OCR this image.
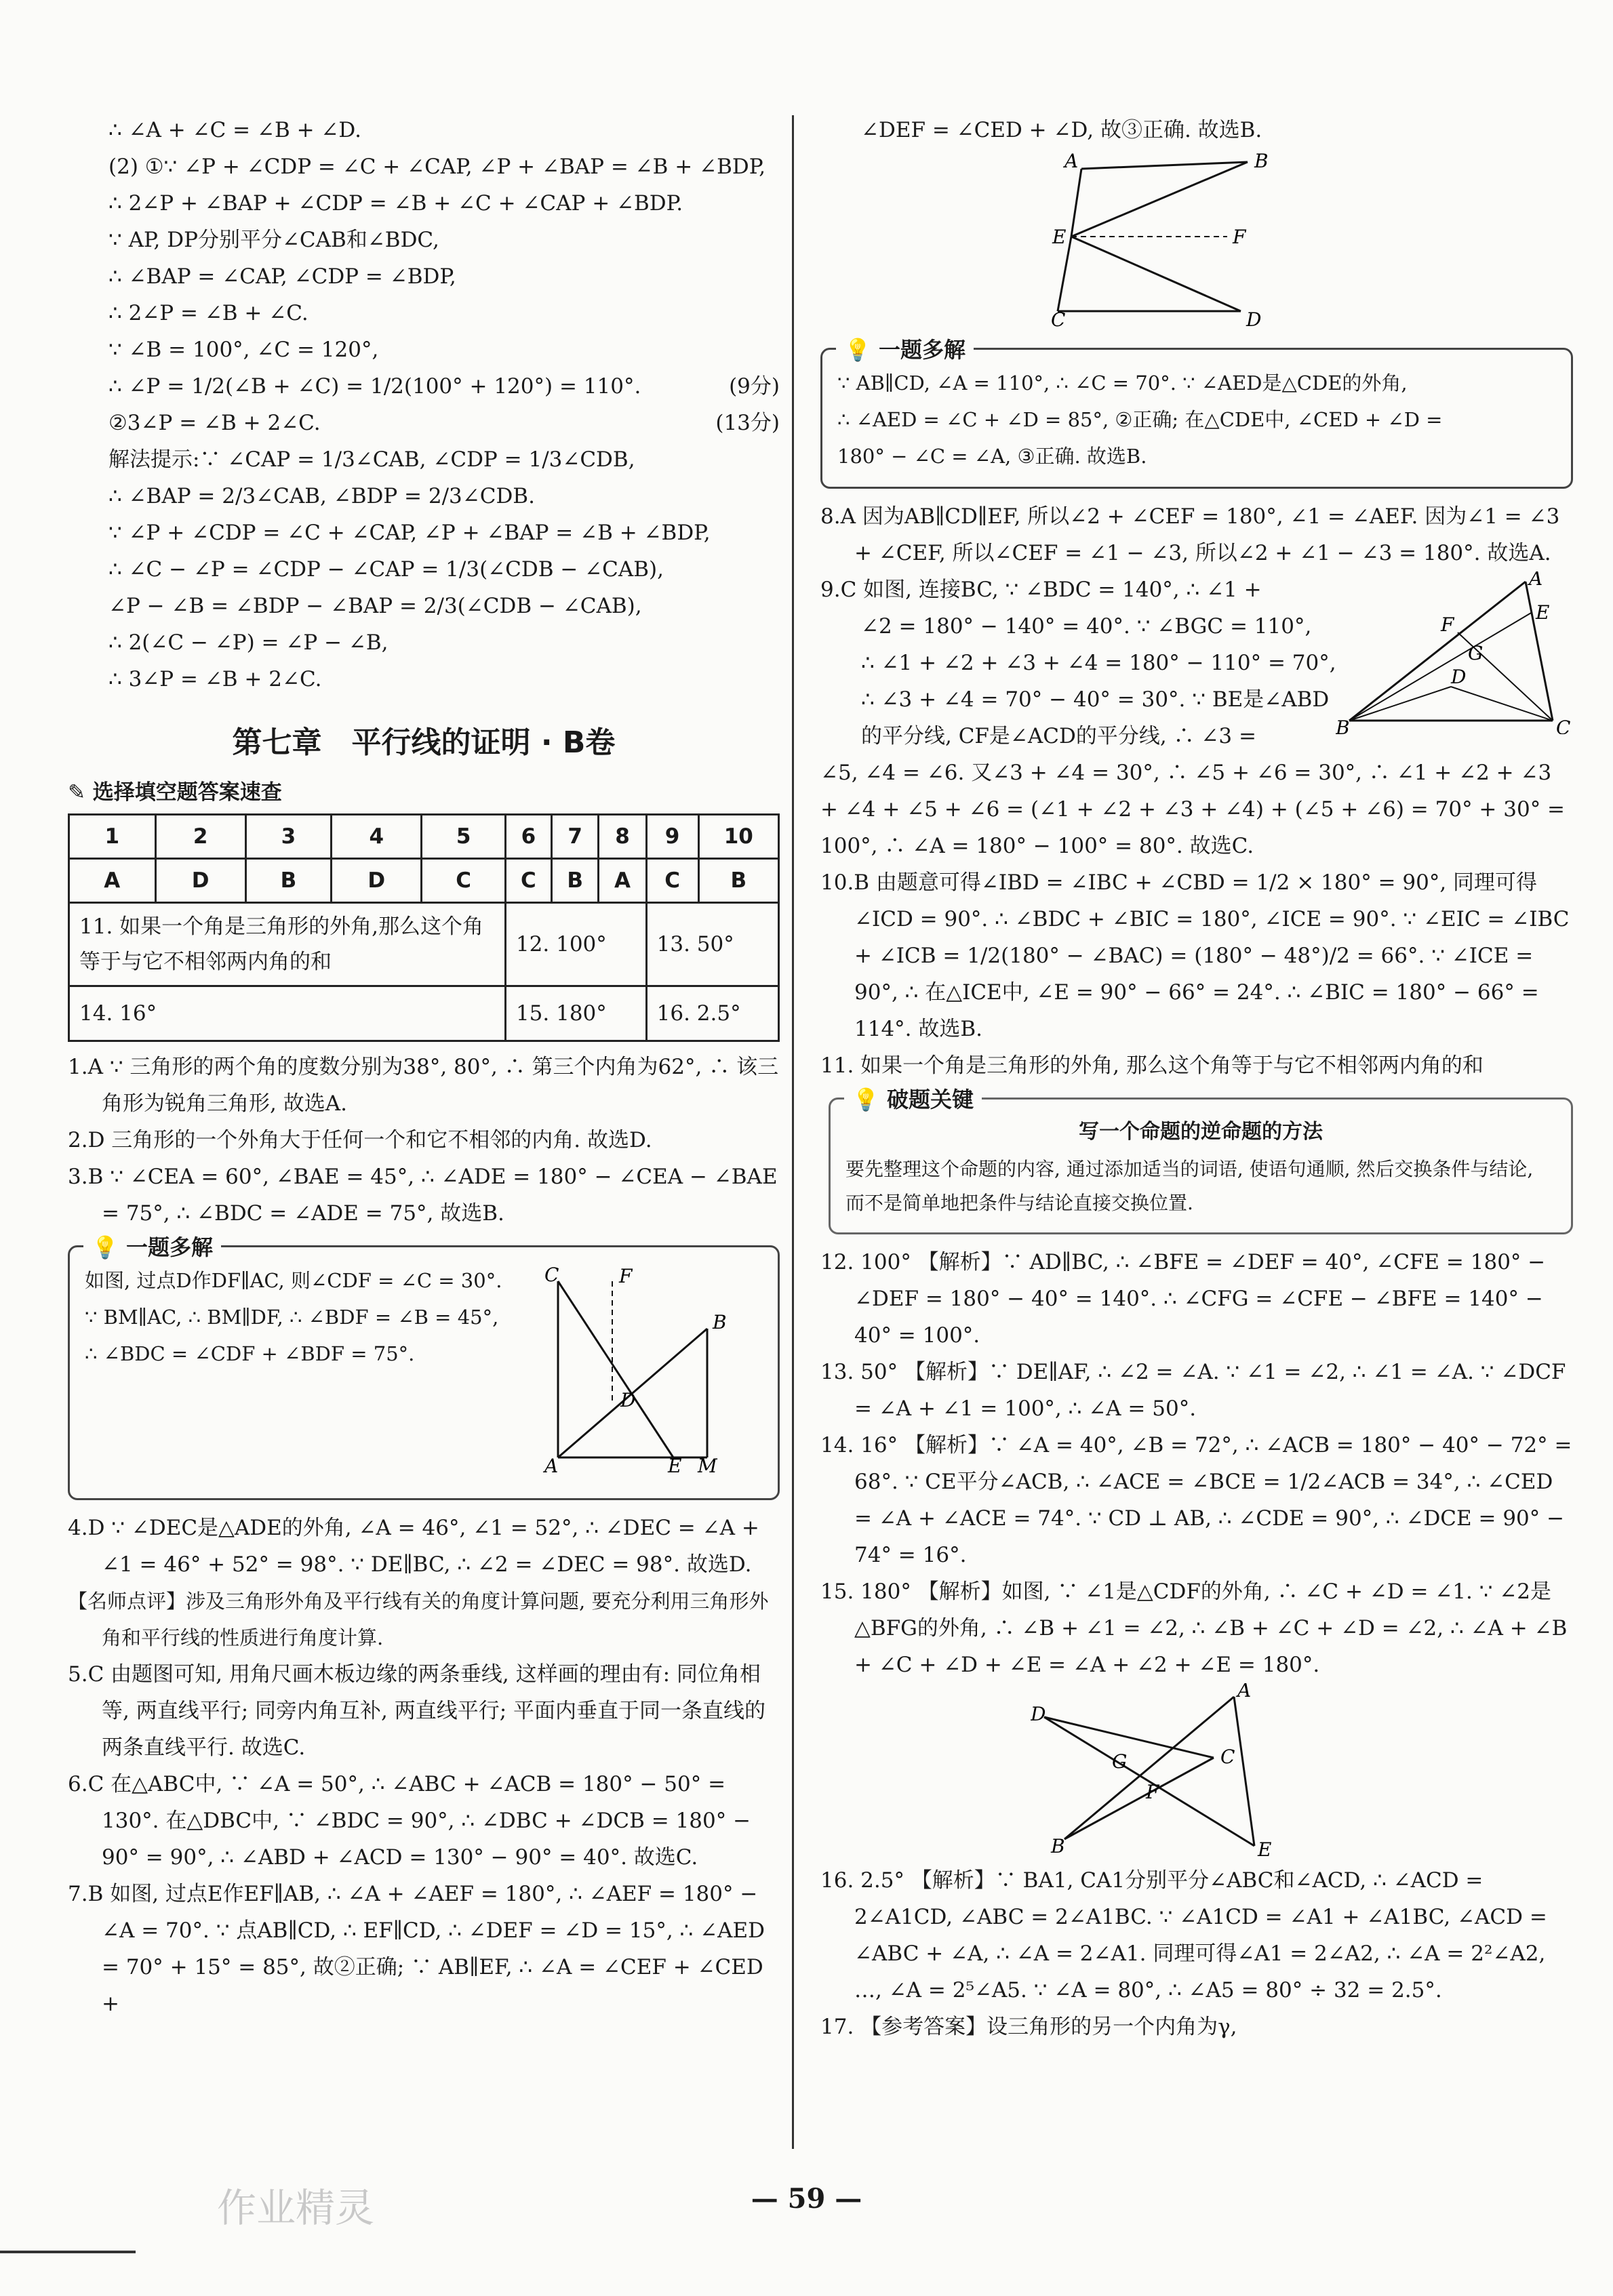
∴ ∠A + ∠C = ∠B + ∠D.
(2) ①∵ ∠P + ∠CDP = ∠C + ∠CAP, ∠P + ∠BAP = ∠B + ∠BDP,
∴ 2∠P + ∠BAP + ∠CDP = ∠B + ∠C + ∠CAP + ∠BDP.
∵ AP, DP分别平分∠CAB和∠BDC,
∴ ∠BAP = ∠CAP, ∠CDP = ∠BDP,
∴ 2∠P = ∠B + ∠C.
∵ ∠B = 100°, ∠C = 120°,
∴ ∠P = 1/2(∠B + ∠C) = 1/2(100° + 120°) = 110°.	(9分)
②3∠P = ∠B + 2∠C.	(13分)
解法提示:∵ ∠CAP = 1/3∠CAB, ∠CDP = 1/3∠CDB,
∴ ∠BAP = 2/3∠CAB, ∠BDP = 2/3∠CDB.
∵ ∠P + ∠CDP = ∠C + ∠CAP, ∠P + ∠BAP = ∠B + ∠BDP,
∴ ∠C − ∠P = ∠CDP − ∠CAP = 1/3(∠CDB − ∠CAB),
∠P − ∠B = ∠BDP − ∠BAP = 2/3(∠CDB − ∠CAB),
∴ 2(∠C − ∠P) = ∠P − ∠B,
∴ 3∠P = ∠B + 2∠C.
第七章　平行线的证明 · B卷
✎ 选择填空题答案速查
1	2	3	4	5	6	7	8	9	10
A	D	B	D	C	C	B	A	C	B
11. 如果一个角是三角形的外角,那么这个角等于与它不相邻两内角的和					12. 100°			13. 50°	
14. 16°					15. 180°			16. 2.5°	
1.A ∵ 三角形的两个角的度数分别为38°, 80°, ∴ 第三个内角为62°, ∴ 该三角形为锐角三角形, 故选A.
2.D 三角形的一个外角大于任何一个和它不相邻的内角. 故选D.
3.B ∵ ∠CEA = 60°, ∠BAE = 45°, ∴ ∠ADE = 180° − ∠CEA − ∠BAE = 75°, ∴ ∠BDC = ∠ADE = 75°, 故选B.
💡 一题多解
如图, 过点D作DF∥AC, 则∠CDF = ∠C = 30°.
∵ BM∥AC, ∴ BM∥DF, ∴ ∠BDF = ∠B = 45°,
∴ ∠BDC = ∠CDF + ∠BDF = 75°.
C	F
B
D
A	E M
4.D ∵ ∠DEC是△ADE的外角, ∠A = 46°, ∠1 = 52°, ∴ ∠DEC = ∠A + ∠1 = 46° + 52° = 98°. ∵ DE∥BC, ∴ ∠2 = ∠DEC = 98°. 故选D.
【名师点评】涉及三角形外角及平行线有关的角度计算问题, 要充分利用三角形外角和平行线的性质进行角度计算.
5.C 由题图可知, 用角尺画木板边缘的两条垂线, 这样画的理由有: 同位角相等, 两直线平行; 同旁内角互补, 两直线平行; 平面内垂直于同一条直线的两条直线平行. 故选C.
6.C 在△ABC中, ∵ ∠A = 50°, ∴ ∠ABC + ∠ACB = 180° − 50° = 130°. 在△DBC中, ∵ ∠BDC = 90°, ∴ ∠DBC + ∠DCB = 180° − 90° = 90°, ∴ ∠ABD + ∠ACD = 130° − 90° = 40°. 故选C.
7.B 如图, 过点E作EF∥AB, ∴ ∠A + ∠AEF = 180°, ∴ ∠AEF = 180° − ∠A = 70°. ∵ 点AB∥CD, ∴ EF∥CD, ∴ ∠DEF = ∠D = 15°, ∴ ∠AED = 70° + 15° = 85°, 故②正确; ∵ AB∥EF, ∴ ∠A = ∠CEF + ∠CED +
∠DEF = ∠CED + ∠D, 故③正确. 故选B.
A	B
E	F
C	D
💡 一题多解
∵ AB∥CD, ∠A = 110°, ∴ ∠C = 70°. ∵ ∠AED是△CDE的外角,
∴ ∠AED = ∠C + ∠D = 85°, ②正确; 在△CDE中, ∠CED + ∠D =
180° − ∠C = ∠A, ③正确. 故选B.
8.A 因为AB∥CD∥EF, 所以∠2 + ∠CEF = 180°, ∠1 = ∠AEF. 因为∠1 = ∠3 + ∠CEF, 所以∠CEF = ∠1 − ∠3, 所以∠2 + ∠1 − ∠3 = 180°. 故选A.
9.C 如图, 连接BC, ∵ ∠BDC = 140°, ∴ ∠1 +
∠2 = 180° − 140° = 40°. ∵ ∠BGC = 110°,
∴ ∠1 + ∠2 + ∠3 + ∠4 = 180° − 110° = 70°,
∴ ∠3 + ∠4 = 70° − 40° = 30°. ∵ BE是∠ABD
的平分线, CF是∠ACD的平分线, ∴ ∠3 =
A
F
E
G
D
B	C
∠5, ∠4 = ∠6. 又∠3 + ∠4 = 30°, ∴ ∠5 + ∠6 = 30°, ∴ ∠1 + ∠2 + ∠3 + ∠4 + ∠5 + ∠6 = (∠1 + ∠2 + ∠3 + ∠4) + (∠5 + ∠6) = 70° + 30° = 100°, ∴ ∠A = 180° − 100° = 80°. 故选C.
10.B 由题意可得∠IBD = ∠IBC + ∠CBD = 1/2 × 180° = 90°, 同理可得∠ICD = 90°. ∴ ∠BDC + ∠BIC = 180°, ∠ICE = 90°. ∵ ∠EIC = ∠IBC + ∠ICB = 1/2(180° − ∠BAC) = (180° − 48°)/2 = 66°. ∵ ∠ICE = 90°, ∴ 在△ICE中, ∠E = 90° − 66° = 24°. ∴ ∠BIC = 180° − 66° = 114°. 故选B.
11. 如果一个角是三角形的外角, 那么这个角等于与它不相邻两内角的和
💡 破题关键
写一个命题的逆命题的方法
要先整理这个命题的内容, 通过添加适当的词语, 使语句通顺, 然后交换条件与结论, 而不是简单地把条件与结论直接交换位置.
12. 100° 【解析】∵ AD∥BC, ∴ ∠BFE = ∠DEF = 40°, ∠CFE = 180° − ∠DEF = 180° − 40° = 140°. ∴ ∠CFG = ∠CFE − ∠BFE = 140° − 40° = 100°.
13. 50° 【解析】∵ DE∥AF, ∴ ∠2 = ∠A. ∵ ∠1 = ∠2, ∴ ∠1 = ∠A. ∵ ∠DCF = ∠A + ∠1 = 100°, ∴ ∠A = 50°.
14. 16° 【解析】∵ ∠A = 40°, ∠B = 72°, ∴ ∠ACB = 180° − 40° − 72° = 68°. ∵ CE平分∠ACB, ∴ ∠ACE = ∠BCE = 1/2∠ACB = 34°, ∴ ∠CED = ∠A + ∠ACE = 74°. ∵ CD ⊥ AB, ∴ ∠CDE = 90°, ∴ ∠DCE = 90° − 74° = 16°.
15. 180° 【解析】如图, ∵ ∠1是△CDF的外角, ∴ ∠C + ∠D = ∠1. ∵ ∠2是△BFG的外角, ∴ ∠B + ∠1 = ∠2, ∴ ∠B + ∠C + ∠D = ∠2, ∴ ∠A + ∠B + ∠C + ∠D + ∠E = ∠A + ∠2 + ∠E = 180°.
A
D
C
G
F
B	E
16. 2.5° 【解析】∵ BA1, CA1分别平分∠ABC和∠ACD, ∴ ∠ACD = 2∠A1CD, ∠ABC = 2∠A1BC. ∵ ∠A1CD = ∠A1 + ∠A1BC, ∠ACD = ∠ABC + ∠A, ∴ ∠A = 2∠A1. 同理可得∠A1 = 2∠A2, ∴ ∠A = 2²∠A2, …, ∠A = 2⁵∠A5. ∵ ∠A = 80°, ∴ ∠A5 = 80° ÷ 32 = 2.5°.
17. 【参考答案】设三角形的另一个内角为γ,
作业精灵	— 59 —
